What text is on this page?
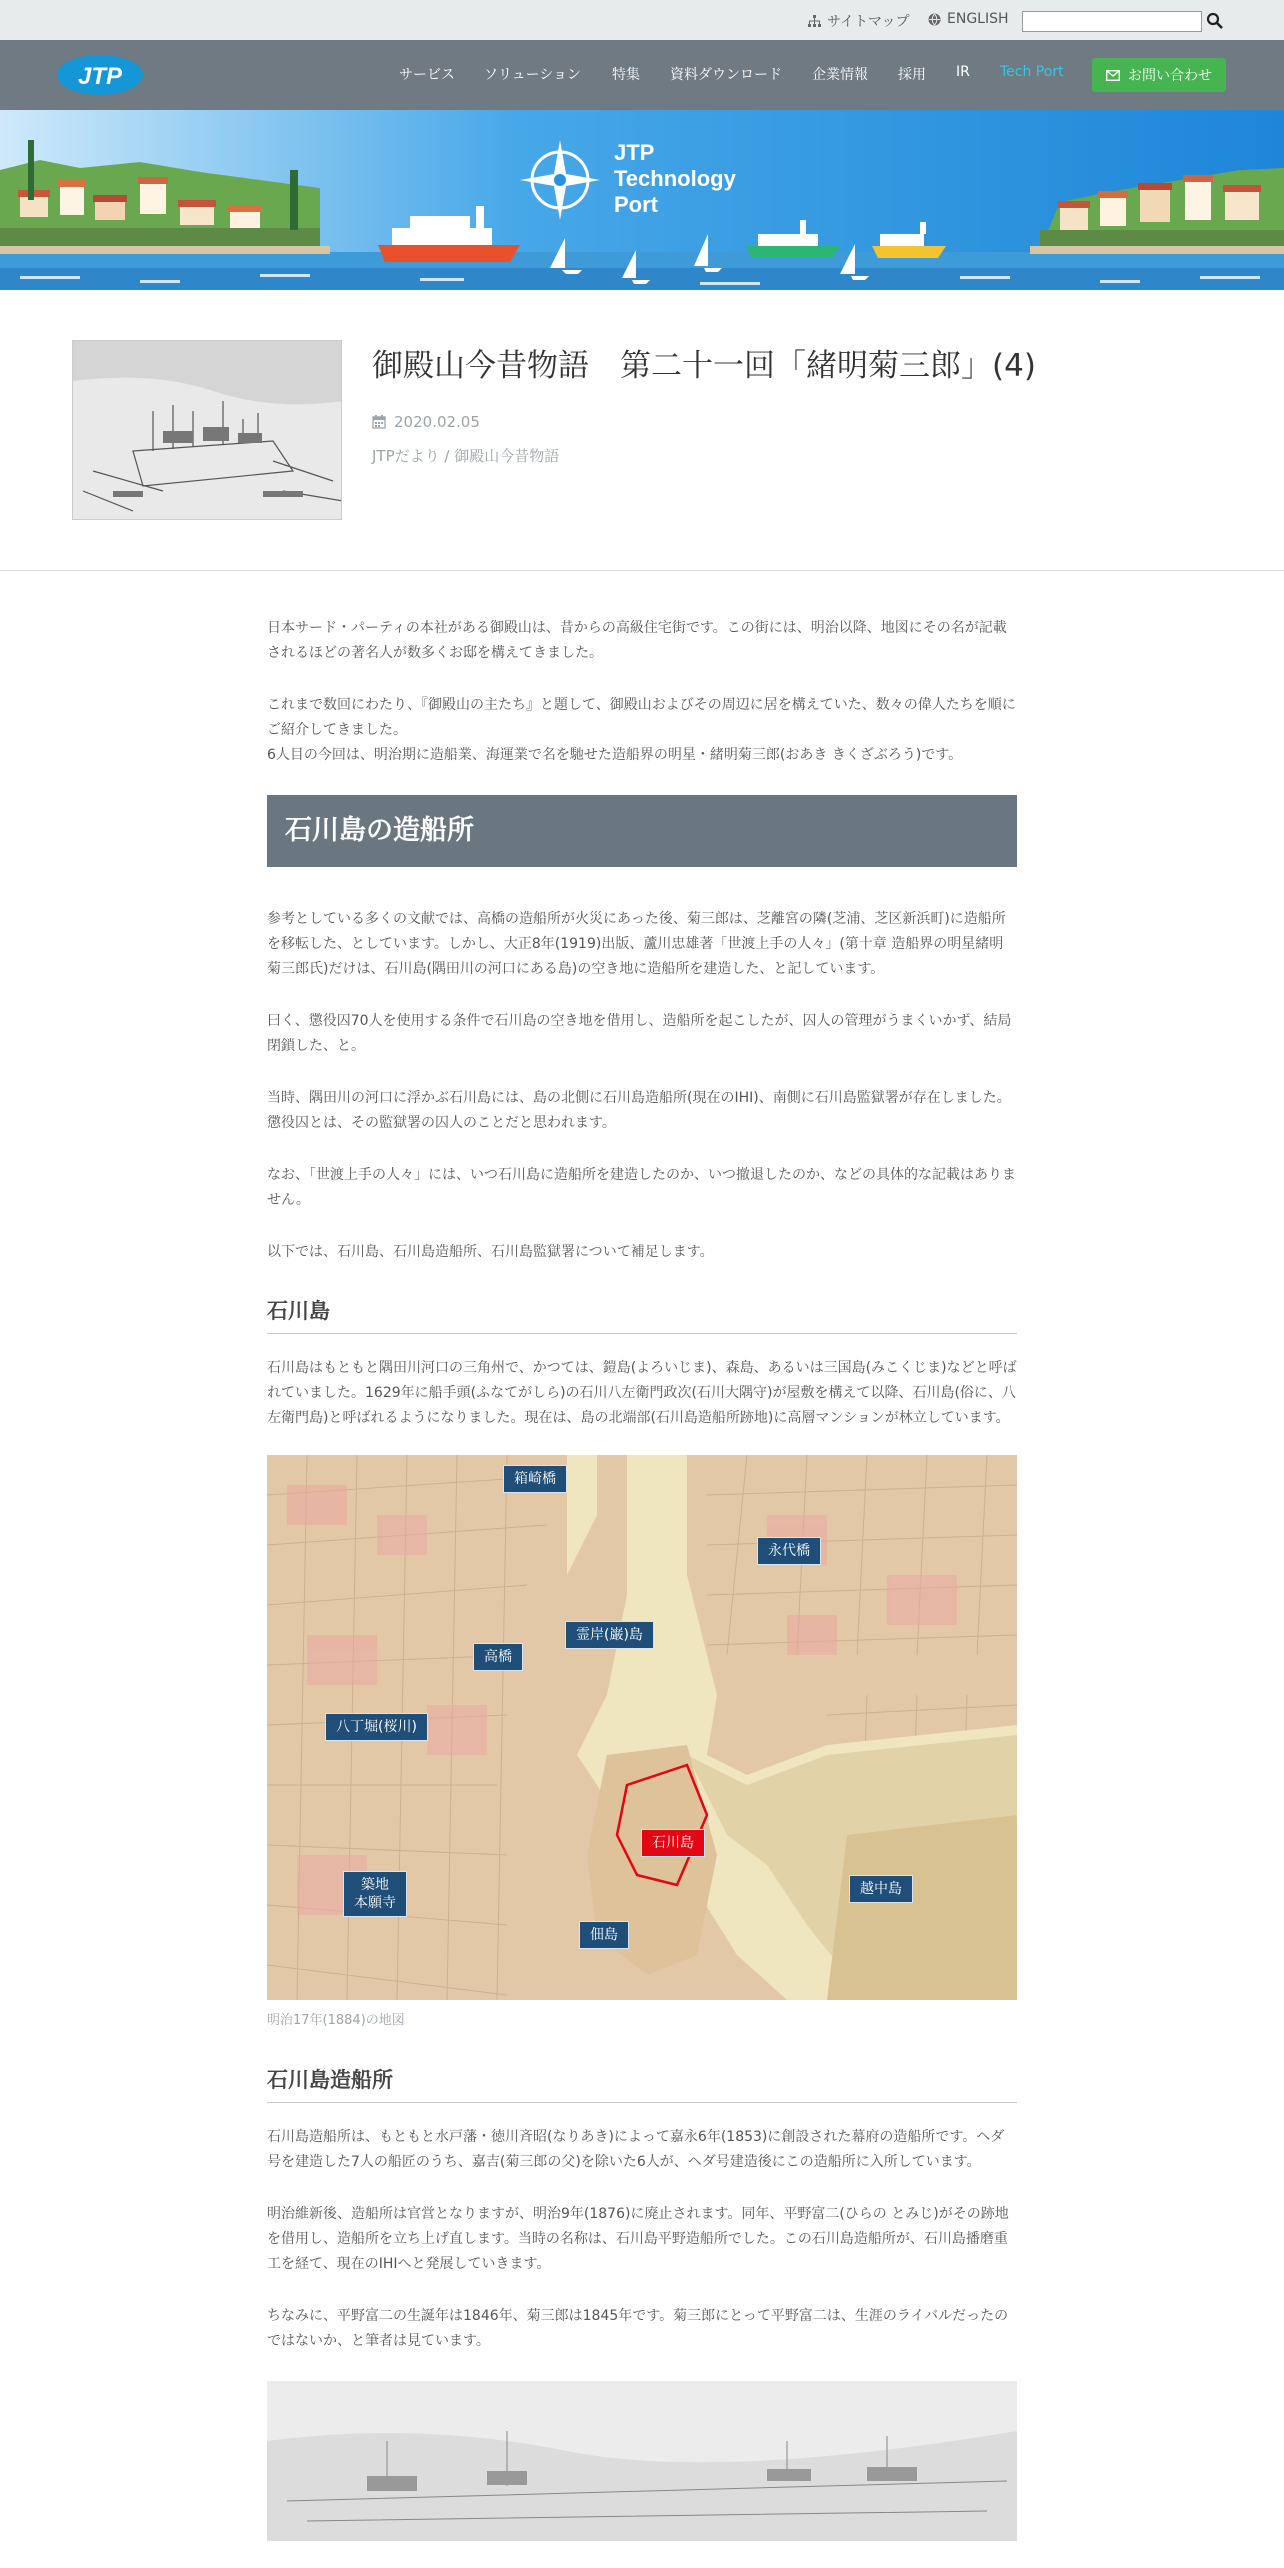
サイトマップ	ENGLISH
JTP	サービス ソリューション 特集 資料ダウンロード 企業情報 採用 IR Tech Port	お問い合わせ
JTP
Technology
Port
御殿山今昔物語　第二十一回「緒明菊三郎」(4)
2020.02.05
JTPだより / 御殿山今昔物語

日本サード・パーティの本社がある御殿山は、昔からの高級住宅街です。この街には、明治以降、地図にその名が記載されるほどの著名人が数多くお邸を構えてきました。

これまで数回にわたり、『御殿山の主たち』と題して、御殿山およびその周辺に居を構えていた、数々の偉人たちを順にご紹介してきました。

6人目の今回は、明治期に造船業、海運業で名を馳せた造船界の明星・緒明菊三郎(おあき きくざぶろう)です。

石川島の造船所

参考としている多くの文献では、高橋の造船所が火災にあった後、菊三郎は、芝離宮の隣(芝浦、芝区新浜町)に造船所を移転した、としています。しかし、大正8年(1919)出版、蘆川忠雄著「世渡上手の人々」(第十章 造船界の明星緒明菊三郎氏)だけは、石川島(隅田川の河口にある島)の空き地に造船所を建造した、と記しています。

曰く、懲役囚70人を使用する条件で石川島の空き地を借用し、造船所を起こしたが、囚人の管理がうまくいかず、結局閉鎖した、と。

当時、隅田川の河口に浮かぶ石川島には、島の北側に石川島造船所(現在のIHI)、南側に石川島監獄署が存在しました。懲役囚とは、その監獄署の囚人のことだと思われます。

なお、「世渡上手の人々」には、いつ石川島に造船所を建造したのか、いつ撤退したのか、などの具体的な記載はありません。

以下では、石川島、石川島造船所、石川島監獄署について補足します。

石川島

石川島はもともと隅田川河口の三角州で、かつては、鎧島(よろいじま)、森島、あるいは三国島(みこくじま)などと呼ばれていました。1629年に船手頭(ふなてがしら)の石川八左衛門政次(石川大隅守)が屋敷を構えて以降、石川島(俗に、八左衛門島)と呼ばれるようになりました。現在は、島の北端部(石川島造船所跡地)に高層マンションが林立しています。

箱崎橋
永代橋
霊岸(巌)島
高橋
八丁堀(桜川)
石川島
築地
本願寺
佃島
越中島
明治17年(1884)の地図
石川島造船所

石川島造船所は、もともと水戸藩・徳川斉昭(なりあき)によって嘉永6年(1853)に創設された幕府の造船所です。ヘダ号を建造した7人の船匠のうち、嘉吉(菊三郎の父)を除いた6人が、ヘダ号建造後にこの造船所に入所しています。

明治維新後、造船所は官営となりますが、明治9年(1876)に廃止されます。同年、平野富二(ひらの とみじ)がその跡地を借用し、造船所を立ち上げ直します。当時の名称は、石川島平野造船所でした。この石川島造船所が、石川島播磨重工を経て、現在のIHIへと発展していきます。

ちなみに、平野富二の生誕年は1846年、菊三郎は1845年です。菊三郎にとって平野富二は、生涯のライバルだったのではないか、と筆者は見ています。
